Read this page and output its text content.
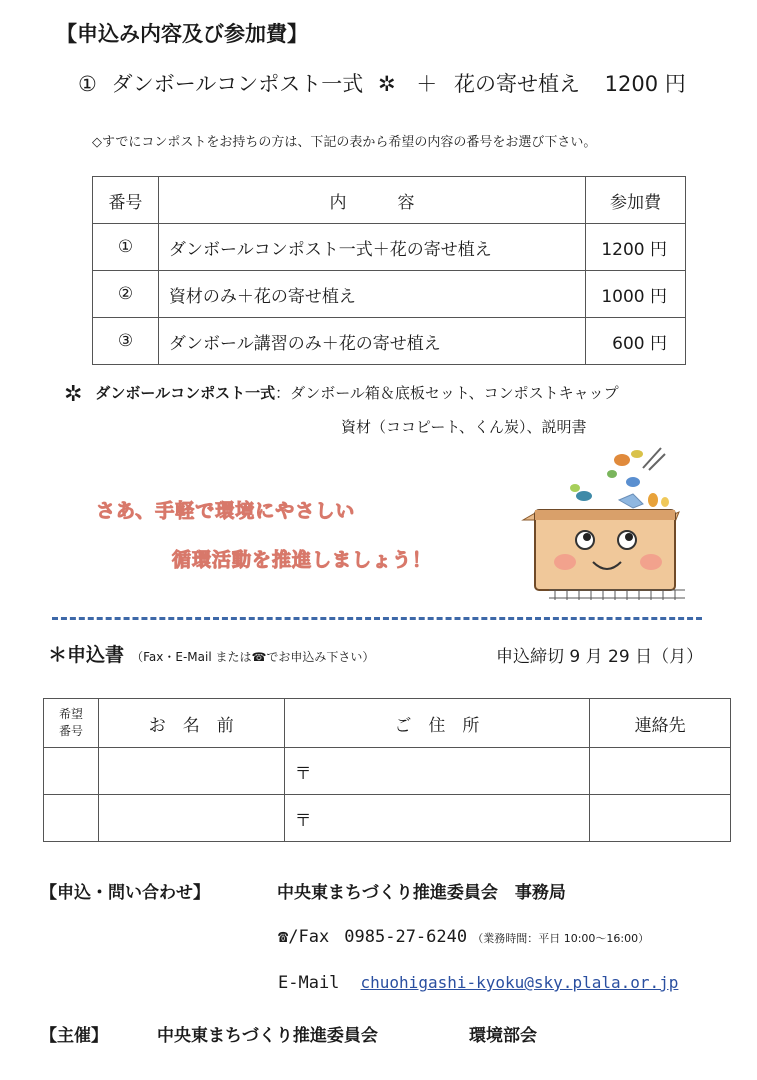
【申込み内容及び参加費】
① ダンボールコンポスト一式 ✲ ＋ 花の寄せ植え 1200 円
◇すでにコンポストをお持ちの方は、下記の表から希望の内容の番号をお選び下さい。
番号	内　　　容	参加費
①	ダンボールコンポスト一式＋花の寄せ植え	1200 円
②	資材のみ＋花の寄せ植え	1000 円
③	ダンボール講習のみ＋花の寄せ植え	600 円
✲ ダンボールコンポスト一式：ダンボール箱＆底板セット、コンポストキャップ
資材（ココピート、くん炭）、説明書
さあ、手軽で環境にやさしい
循環活動を推進しましょう！
＊申込書 （Fax・E-Mail または☎でお申込み下さい）	申込締切 9 月 29 日（月）
希望
番号	お　名　前	ご　住　所	連絡先
		〒	
		〒	
【申込・問い合わせ】	中央東まちづくり推進委員会　事務局
☎/Fax 0985-27-6240 （業務時間：平日 10:00〜16:00）
E-Mail chuohigashi-kyoku@sky.plala.or.jp
【主催】	中央東まちづくり推進委員会	環境部会
